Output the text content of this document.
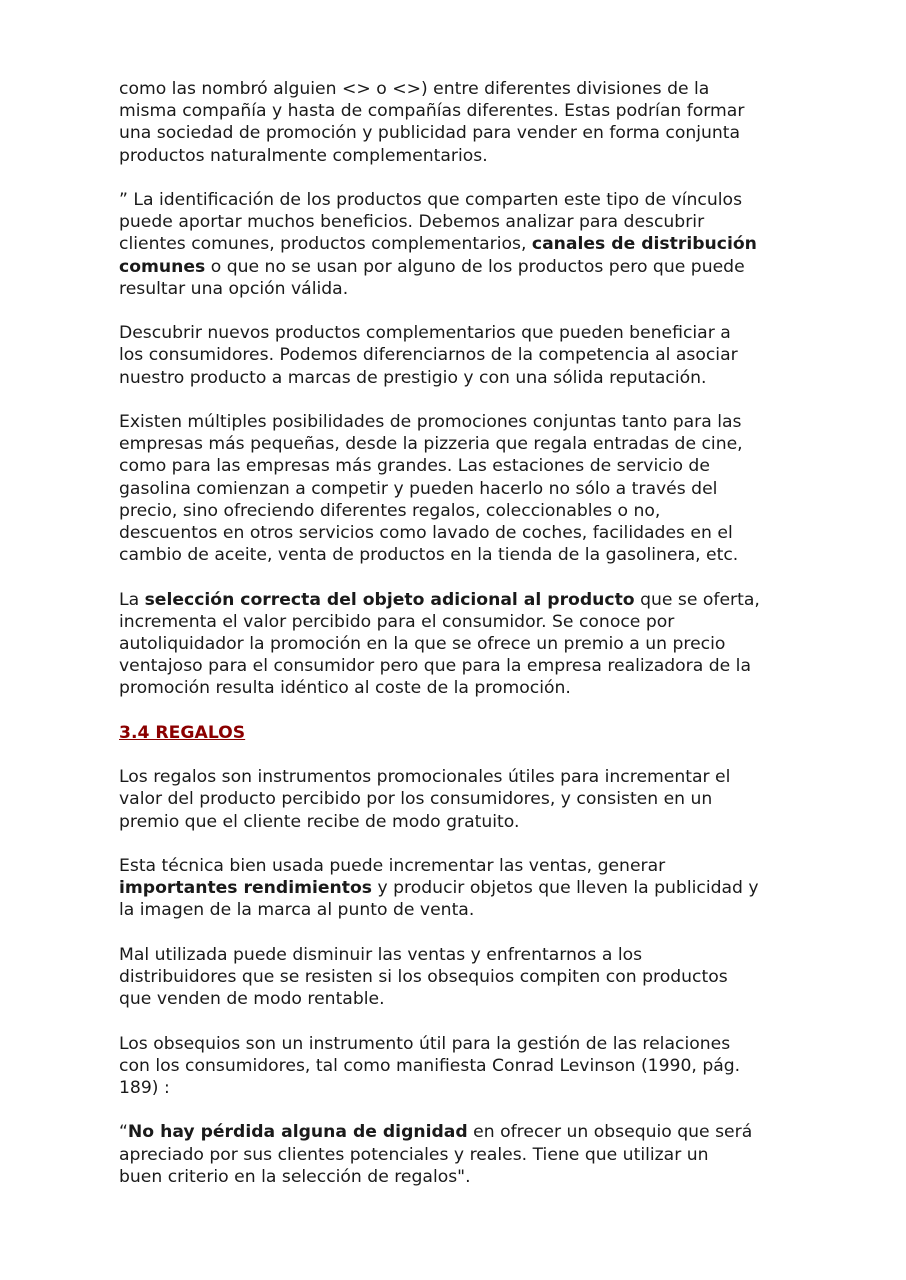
como las nombró alguien <> o <>) entre diferentes divisiones de la
misma compañía y hasta de compañías diferentes. Estas podrían formar
una sociedad de promoción y publicidad para vender en forma conjunta
productos naturalmente complementarios.

” La identificación de los productos que comparten este tipo de vínculos
puede aportar muchos beneficios. Debemos analizar para descubrir
clientes comunes, productos complementarios, canales de distribución
comunes o que no se usan por alguno de los productos pero que puede
resultar una opción válida.

Descubrir nuevos productos complementarios que pueden beneficiar a
los consumidores. Podemos diferenciarnos de la competencia al asociar
nuestro producto a marcas de prestigio y con una sólida reputación.

Existen múltiples posibilidades de promociones conjuntas tanto para las
empresas más pequeñas, desde la pizzeria que regala entradas de cine,
como para las empresas más grandes. Las estaciones de servicio de
gasolina comienzan a competir y pueden hacerlo no sólo a través del
precio, sino ofreciendo diferentes regalos, coleccionables o no,
descuentos en otros servicios como lavado de coches, facilidades en el
cambio de aceite, venta de productos en la tienda de la gasolinera, etc.

La selección correcta del objeto adicional al producto que se oferta,
incrementa el valor percibido para el consumidor. Se conoce por
autoliquidador la promoción en la que se ofrece un premio a un precio
ventajoso para el consumidor pero que para la empresa realizadora de la
promoción resulta idéntico al coste de la promoción.

3.4 REGALOS

Los regalos son instrumentos promocionales útiles para incrementar el
valor del producto percibido por los consumidores, y consisten en un
premio que el cliente recibe de modo gratuito.

Esta técnica bien usada puede incrementar las ventas, generar
importantes rendimientos y producir objetos que lleven la publicidad y
la imagen de la marca al punto de venta.

Mal utilizada puede disminuir las ventas y enfrentarnos a los
distribuidores que se resisten si los obsequios compiten con productos
que venden de modo rentable.

Los obsequios son un instrumento útil para la gestión de las relaciones
con los consumidores, tal como manifiesta Conrad Levinson (1990, pág.
189) :

“No hay pérdida alguna de dignidad en ofrecer un obsequio que será
apreciado por sus clientes potenciales y reales. Tiene que utilizar un
buen criterio en la selección de regalos".
